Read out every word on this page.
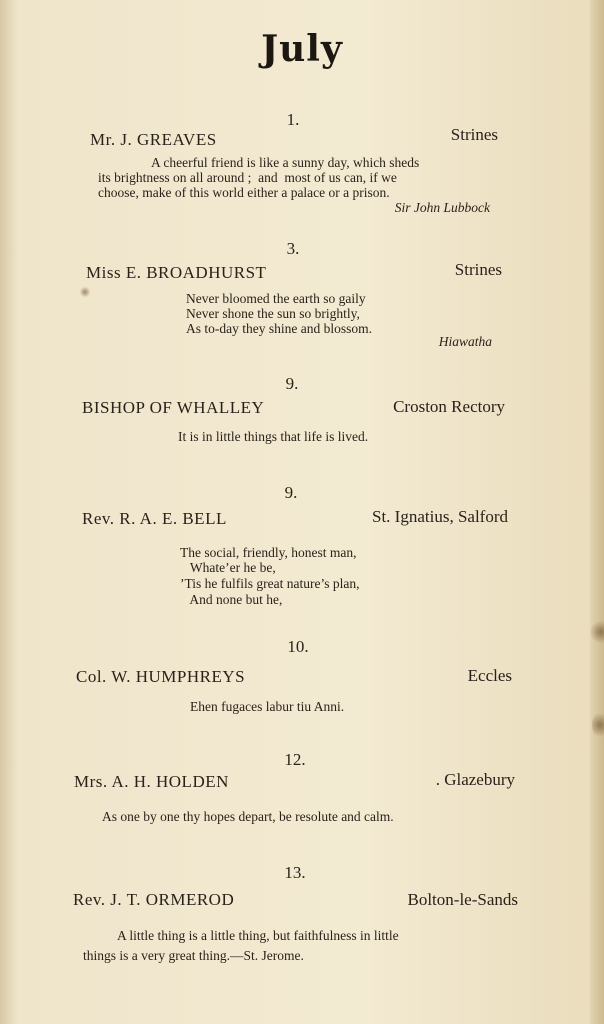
July
1.
Mr. J. GREAVES	Strines
A cheerful friend is like a sunny day, which sheds
its brightness on all around ;  and  most of us can, if we
choose, make of this world either a palace or a prison.
Sir John Lubbock
3.
Miss E. BROADHURST	Strines
Never bloomed the earth so gaily
Never shone the sun so brightly,
As to-day they shine and blossom.
Hiawatha
9.
BISHOP OF WHALLEY	Croston Rectory
It is in little things that life is lived.
9.
Rev. R. A. E. BELL	St. Ignatius, Salford
The social, friendly, honest man,
Whate’er he be,
’Tis he fulfils great nature’s plan,
And none but he,
10.
Col. W. HUMPHREYS	Eccles
Ehen fugaces labur tiu Anni.
12.
Mrs. A. H. HOLDEN	. Glazebury
As one by one thy hopes depart, be resolute and calm.
13.
Rev. J. T. ORMEROD	Bolton-le-Sands
A little thing is a little thing, but faithfulness in little
things is a very great thing.—St. Jerome.
